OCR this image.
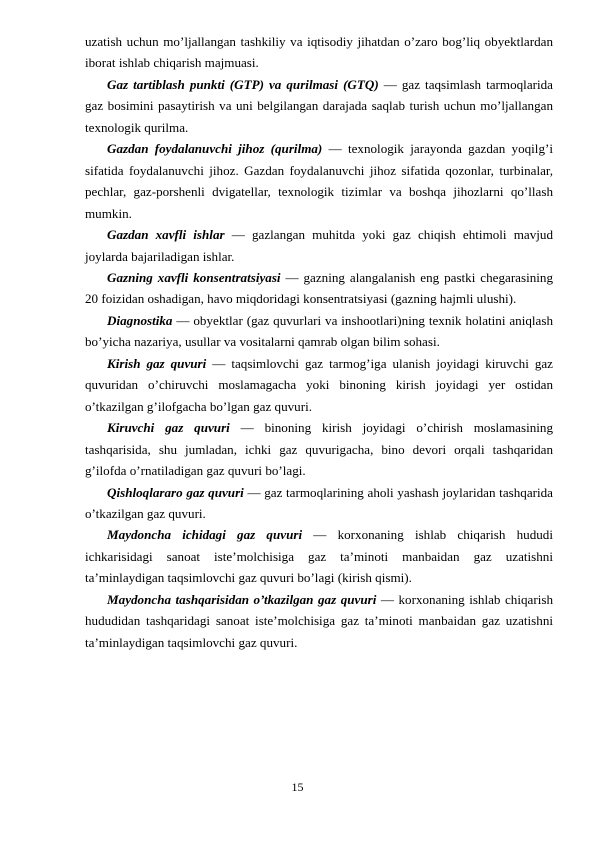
uzatish uchun mo’ljallangan tashkiliy va iqtisodiy jihatdan o’zaro bog’liq obyektlardan iborat ishlab chiqarish majmuasi.

Gaz tartiblash punkti (GTP) va qurilmasi (GTQ) — gaz taqsimlash tarmoqlarida gaz bosimini pasaytirish va uni belgilangan darajada saqlab turish uchun mo’ljallangan texnologik qurilma.

Gazdan foydalanuvchi jihoz (qurilma) — texnologik jarayonda gazdan yoqilg’i sifatida foydalanuvchi jihoz. Gazdan foydalanuvchi jihoz sifatida qozonlar, turbinalar, pechlar, gaz-porshenli dvigatellar, texnologik tizimlar va boshqa jihozlarni qo’llash mumkin.

Gazdan xavfli ishlar — gazlangan muhitda yoki gaz chiqish ehtimoli mavjud joylarda bajariladigan ishlar.

Gazning xavfli konsentratsiyasi — gazning alangalanish eng pastki chegarasining 20 foizidan oshadigan, havo miqdoridagi konsentratsiyasi (gazning hajmli ulushi).

Diagnostika — obyektlar (gaz quvurlari va inshootlari)ning texnik holatini aniqlash bo’yicha nazariya, usullar va vositalarni qamrab olgan bilim sohasi.

Kirish gaz quvuri — taqsimlovchi gaz tarmog’iga ulanish joyidagi kiruvchi gaz quvuridan o’chiruvchi moslamagacha yoki binoning kirish joyidagi yer ostidan o’tkazilgan g’ilofgacha bo’lgan gaz quvuri.

Kiruvchi gaz quvuri — binoning kirish joyidagi o’chirish moslamasining tashqarisida, shu jumladan, ichki gaz quvurigacha, bino devori orqali tashqaridan g’ilofda o’rnatiladigan gaz quvuri bo’lagi.

Qishloqlararo gaz quvuri — gaz tarmoqlarining aholi yashash joylaridan tashqarida o’tkazilgan gaz quvuri.

Maydoncha ichidagi gaz quvuri — korxonaning ishlab chiqarish hududi ichkarisidagi sanoat iste’molchisiga gaz ta’minoti manbaidan gaz uzatishni ta’minlaydigan taqsimlovchi gaz quvuri bo’lagi (kirish qismi).

Maydoncha tashqarisidan o’tkazilgan gaz quvuri — korxonaning ishlab chiqarish hududidan tashqaridagi sanoat iste’molchisiga gaz ta’minoti manbaidan gaz uzatishni ta’minlaydigan taqsimlovchi gaz quvuri.

15
